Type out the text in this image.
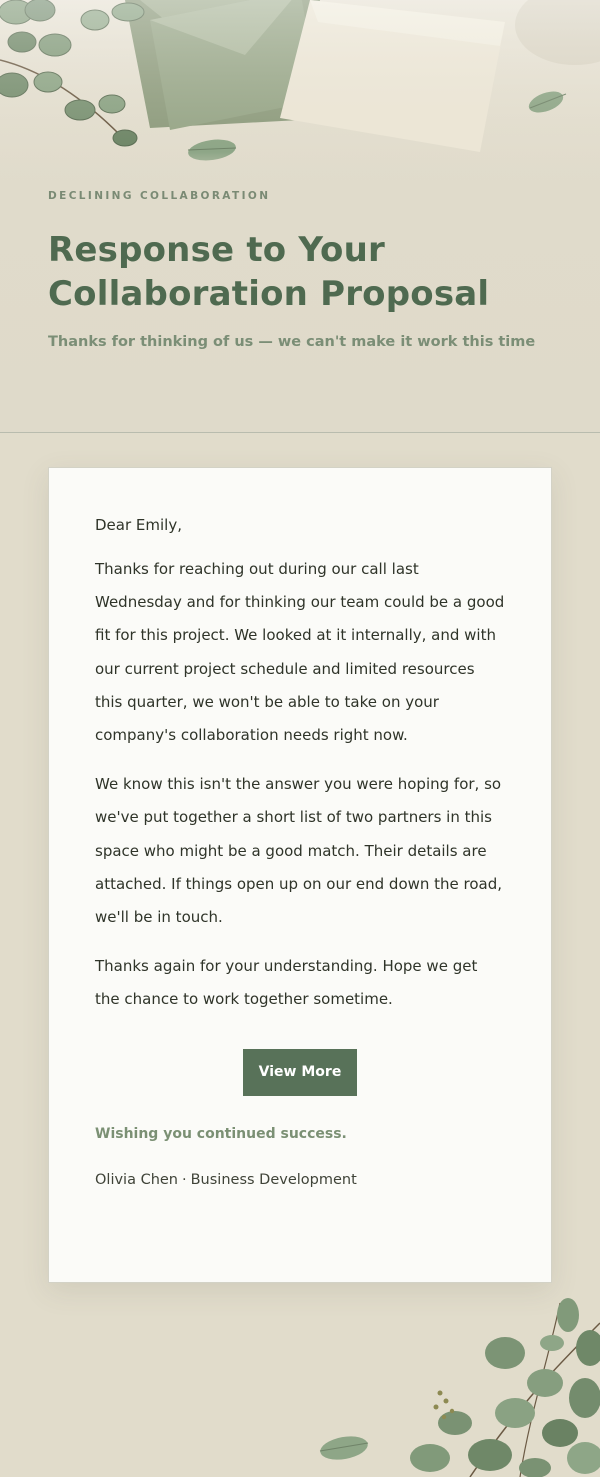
DECLINING COLLABORATION
Response to Your Collaboration Proposal
Thanks for thinking of us — we can't make it work this time

Dear Emily,

Thanks for reaching out during our call last Wednesday and for thinking our team could be a good fit for this project. We looked at it internally, and with our current project schedule and limited resources this quarter, we won't be able to take on your company's collaboration needs right now.

We know this isn't the answer you were hoping for, so we've put together a short list of two partners in this space who might be a good match. Their details are attached. If things open up on our end down the road, we'll be in touch.

Thanks again for your understanding. Hope we get the chance to work together sometime.

View More

Wishing you continued success.

Olivia Chen · Business Development
